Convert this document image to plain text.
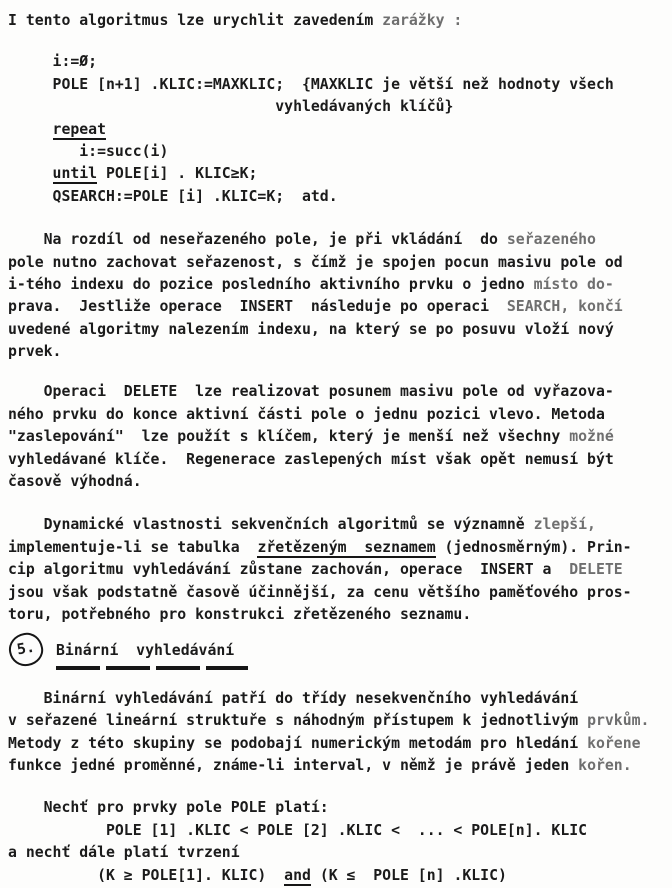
I tento algoritmus lze urychlit zavedením zarážky :
i:=Ø;
POLE [n+1] .KLIC:=MAXKLIC;  {MAXKLIC je větší než hodnoty všech
vyhledávaných klíčů}
repeat
i:=succ(i)
until POLE[i] . KLIC≥K;
QSEARCH:=POLE [i] .KLIC=K;  atd.
Na rozdíl od neseřazeného pole, je při vkládání  do seřazeného
pole nutno zachovat seřazenost, s čímž je spojen pocun masivu pole od
i-tého indexu do pozice posledního aktivního prvku o jedno místo do-
prava.  Jestliže operace  INSERT  následuje po operaci  SEARCH, končí
uvedené algoritmy nalezením indexu, na který se po posuvu vloží nový
prvek.
Operaci  DELETE  lze realizovat posunem masivu pole od vyřazova-
ného prvku do konce aktivní části pole o jednu pozici vlevo. Metoda
"zaslepování"  lze použít s klíčem, který je menší než všechny možné
vyhledávané klíče.  Regenerace zaslepených míst však opět nemusí být
časově výhodná.
Dynamické vlastnosti sekvenčních algoritmů se významně zlepší,
implementuje-li se tabulka  zřetězeným  seznamem (jednosměrným). Prin-
cip algoritmu vyhledávání zůstane zachován, operace  INSERT a  DELETE
jsou však podstatně časově účinnější, za cenu většího paměťového pros-
toru, potřebného pro konstrukci zřetězeného seznamu.
5.	Binární  vyhledávání
Binární vyhledávání patří do třídy nesekvenčního vyhledávání
v seřazené lineární struktuře s náhodným přístupem k jednotlivým prvkům.
Metody z této skupiny se podobají numerickým metodám pro hledání kořene
funkce jedné proměnné, známe-li interval, v němž je právě jeden kořen.
Nechť pro prvky pole POLE platí:
POLE [1] .KLIC < POLE [2] .KLIC <  ... < POLE[n]. KLIC
a nechť dále platí tvrzení
(K ≥ POLE[1]. KLIC)  and (K ≤  POLE [n] .KLIC)
